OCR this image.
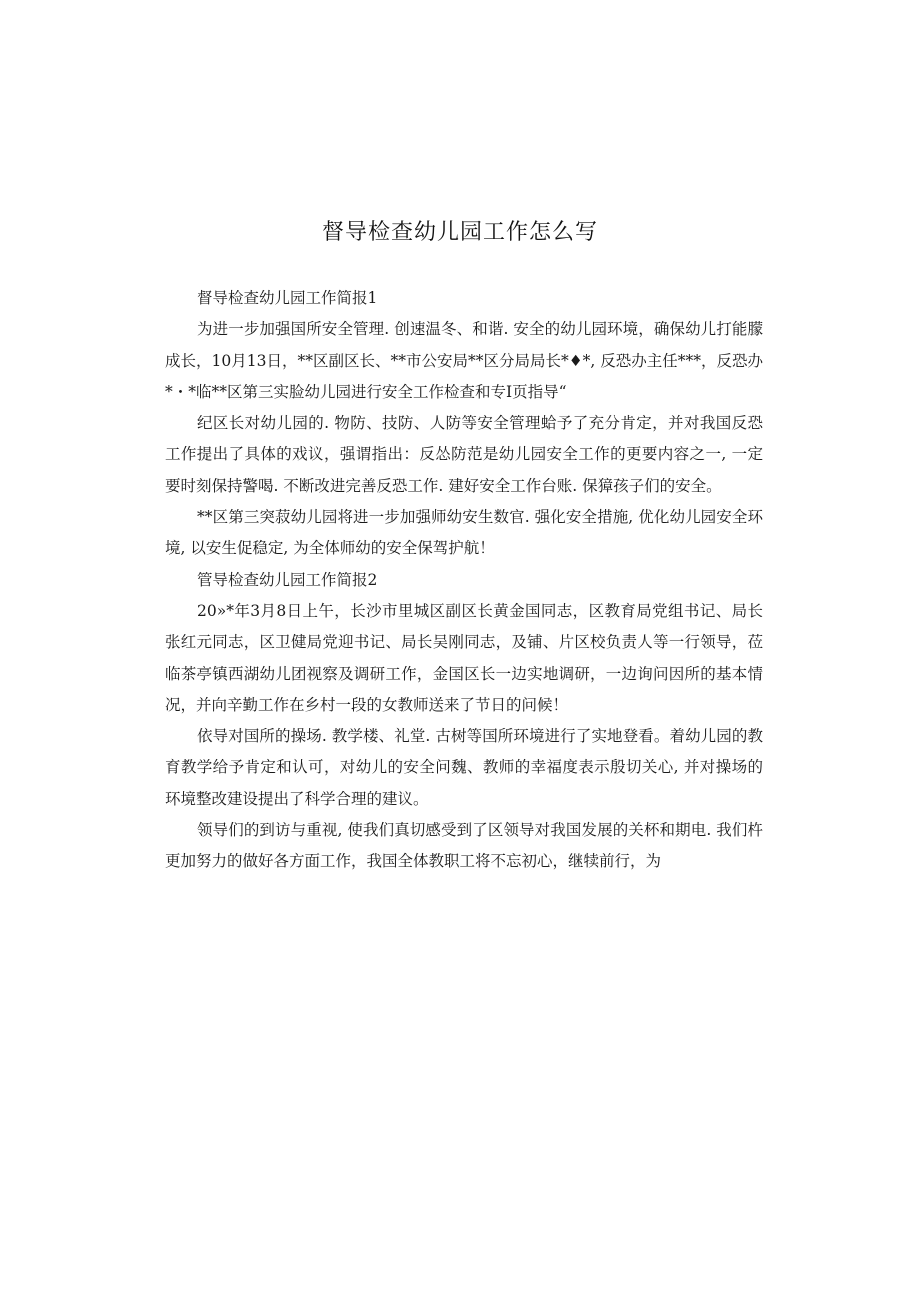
督导检查幼儿园工作怎么写

督导检查幼儿园工作简报1

为进一步加强国所安全管理. 创速温冬、和谐. 安全的幼儿园环境，确保幼儿打能朦成长，10月13日，**区副区长、**市公安局**区分局局长*♦*, 反恐办主任***，反恐办*・*临**区第三实脸幼儿园进行安全工作检查和专I页指导“

纪区长对幼儿园的. 物防、技防、人防等安全管理蛤予了充分肯定，并对我国反恐工作提出了具体的戏议，强谓指出：反怂防范是幼儿园安全工作的更要内容之一, 一定要时刻保持警喝. 不断改进完善反恐工作. 建好安全工作台账. 保獐孩子们的安全。

**区第三突菽幼儿园将进一步加强师幼安生数官. 强化安全措施, 优化幼儿园安全环境, 以安生促稳定, 为全体师幼的安全保驾护航！

管导检查幼儿园工作简报2

20»*年3月8日上午，长沙市里城区副区长黄金国同志，区教育局党组书记、局长张红元同志，区卫健局党迎书记、局长吴刚同志，及铺、片区校负责人等一行领导，莅临茶亭镇西湖幼儿团视察及调研工作，金国区长一边实地调研，一边询问因所的基本情况，并向辛勤工作在乡村一段的女教师送来了节日的问候！

依导对国所的操场. 教学楼、礼堂. 古树等国所环境进行了实地登看。着幼儿园的教育教学给予肯定和认可，对幼儿的安全问魏、教师的幸福度表示殷切关心, 并对操场的环境整改建设提出了科学合理的建议。

领导们的到访与重视, 使我们真切感受到了区领导对我国发展的关杯和期电. 我们杵更加努力的做好各方面工作，我国全体教职工将不忘初心，继犊前行，为
